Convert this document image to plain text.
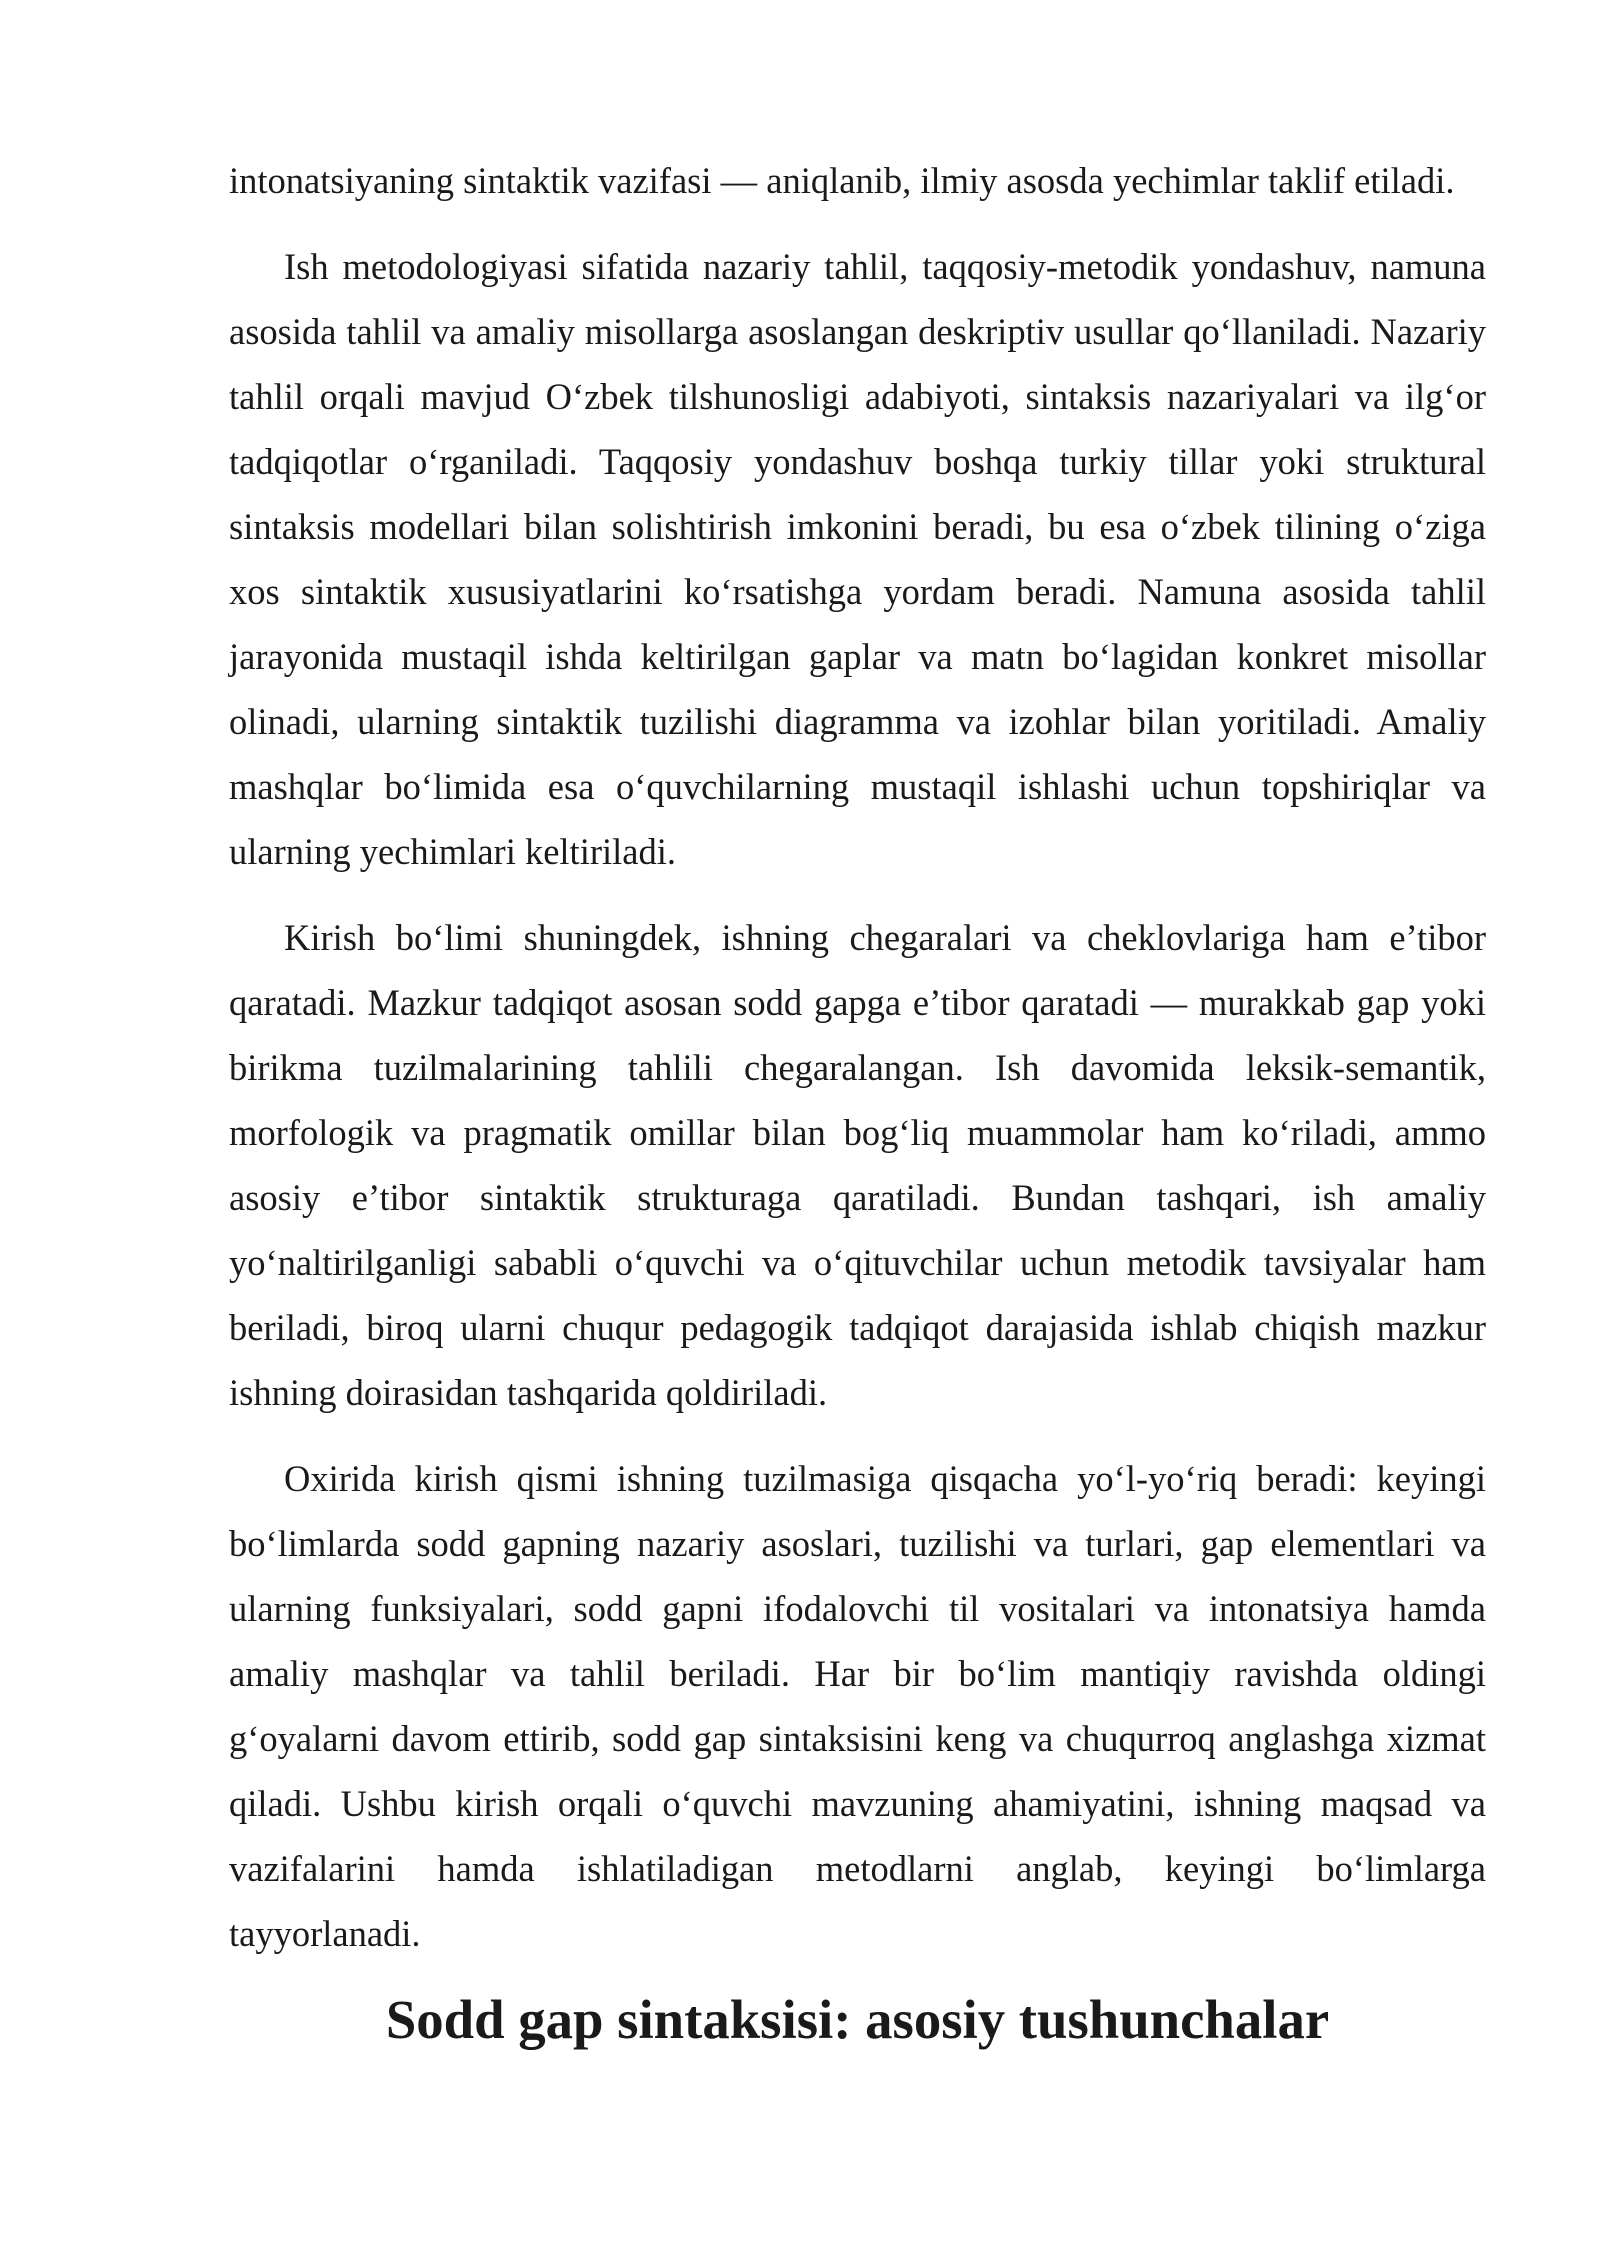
intonatsiyaning sintaktik vazifasi — aniqlanib, ilmiy asosda yechimlar taklif etiladi.

Ish metodologiyasi sifatida nazariy tahlil, taqqosiy-metodik yondashuv, namuna asosida tahlil va amaliy misollarga asoslangan deskriptiv usullar qo‘llaniladi. Nazariy tahlil orqali mavjud O‘zbek tilshunosligi adabiyoti, sintaksis nazariyalari va ilg‘or tadqiqotlar o‘rganiladi. Taqqosiy yondashuv boshqa turkiy tillar yoki struktural sintaksis modellari bilan solishtirish imkonini beradi, bu esa o‘zbek tilining o‘ziga xos sintaktik xususiyatlarini ko‘rsatishga yordam beradi. Namuna asosida tahlil jarayonida mustaqil ishda keltirilgan gaplar va matn bo‘lagidan konkret misollar olinadi, ularning sintaktik tuzilishi diagramma va izohlar bilan yoritiladi. Amaliy mashqlar bo‘limida esa o‘quvchilarning mustaqil ishlashi uchun topshiriqlar va ularning yechimlari keltiriladi.

Kirish bo‘limi shuningdek, ishning chegaralari va cheklovlariga ham e’tibor qaratadi. Mazkur tadqiqot asosan sodd gapga e’tibor qaratadi — murakkab gap yoki birikma tuzilmalarining tahlili chegaralangan. Ish davomida leksik-semantik, morfologik va pragmatik omillar bilan bog‘liq muammolar ham ko‘riladi, ammo asosiy e’tibor sintaktik strukturaga qaratiladi. Bundan tashqari, ish amaliy yo‘naltirilganligi sababli o‘quvchi va o‘qituvchilar uchun metodik tavsiyalar ham beriladi, biroq ularni chuqur pedagogik tadqiqot darajasida ishlab chiqish mazkur ishning doirasidan tashqarida qoldiriladi.

Oxirida kirish qismi ishning tuzilmasiga qisqacha yo‘l-yo‘riq beradi: keyingi bo‘limlarda sodd gapning nazariy asoslari, tuzilishi va turlari, gap elementlari va ularning funksiyalari, sodd gapni ifodalovchi til vositalari va intonatsiya hamda amaliy mashqlar va tahlil beriladi. Har bir bo‘lim mantiqiy ravishda oldingi g‘oyalarni davom ettirib, sodd gap sintaksisini keng va chuqurroq anglashga xizmat qiladi. Ushbu kirish orqali o‘quvchi mavzuning ahamiyatini, ishning maqsad va vazifalarini hamda ishlatiladigan metodlarni anglab, keyingi bo‘limlarga tayyorlanadi.

Sodd gap sintaksisi: asosiy tushunchalar
